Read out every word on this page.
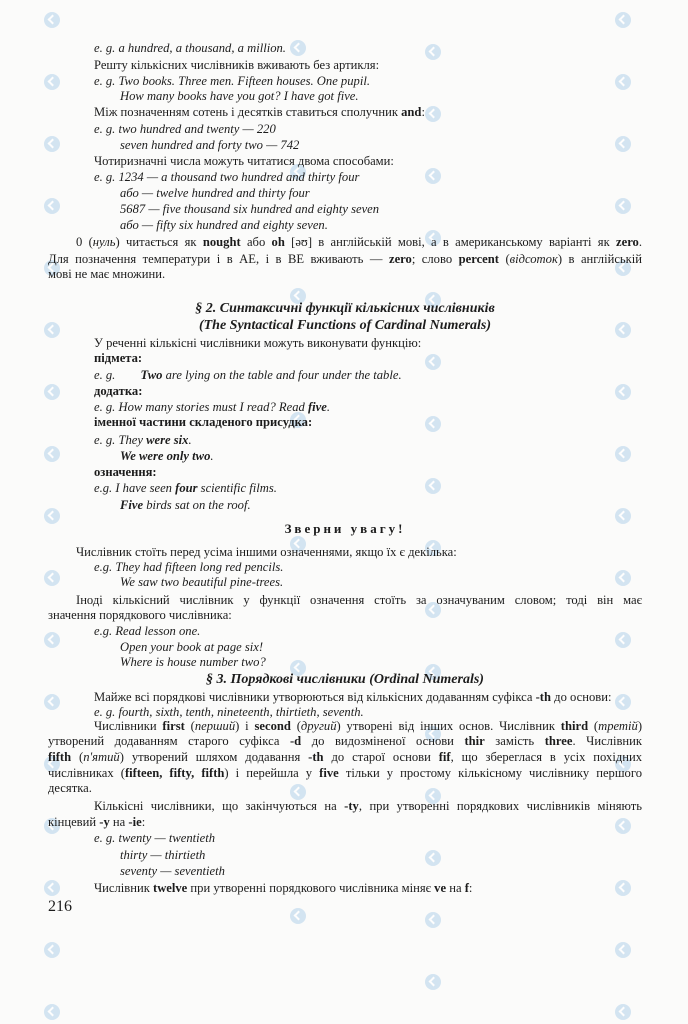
e. g. a hundred, a thousand, a million.
Решту кількісних числівників вживають без артикля:
e. g. Two books. Three men. Fifteen houses. One pupil.
How many books have you got? I have got five.
Між позначенням сотень і десятків ставиться сполучник and:
e. g. two hundred and twenty — 220
seven hundred and forty two — 742
Чотиризначні числа можуть читатися двома способами:
e. g. 1234 — a thousand two hundred and thirty four
або — twelve hundred and thirty four
5687 — five thousand six hundred and eighty seven
або — fifty six hundred and eighty seven.
0 (нуль) читається як nought або oh [əʊ] в англійській мові, а в американському варіанті як zero.
Для позначення температури і в АЕ, і в ВЕ вживають — zero; слово percent (відсоток) в англійській
мові не має множини.
§ 2. Синтаксичні функції кількісних числівників
(The Syntactical Functions of Cardinal Numerals)
У реченні кількісні числівники можуть виконувати функцію:
підмета:
e. g.        Two are lying on the table and four under the table.
додатка:
e. g. How many stories must I read? Read five.
іменної частини складеного присудка:
e. g. They were six.
We were only two.
означення:
e.g. I have seen four scientific films.
Five birds sat on the roof.
Зверни увагу!
Числівник стоїть перед усіма іншими означеннями, якщо їх є декілька:
e.g. They had fifteen long red pencils.
We saw two beautiful pine-trees.
Іноді кількісний числівник у функції означення стоїть за означуваним словом; тоді він має
значення порядкового числівника:
e.g. Read lesson one.
Open your book at page six!
Where is house number two?
§ 3. Порядкові числівники (Ordinal Numerals)
Майже всі порядкові числівники утворюються від кількісних додаванням суфікса -th до основи:
e. g. fourth, sixth, tenth, nineteenth, thirtieth, seventh.
Числівники first (перший) і second (другий) утворені від інших основ. Числівник third (третій)
утворений додаванням старого суфікса -d до видозміненої основи thir замість three. Числівник
fifth (п'ятий) утворений шляхом додавання -th до старої основи fif, що збереглася в усіх похідних
числівниках (fifteen, fifty, fifth) і перейшла у five тільки у простому кількісному числівнику першого
десятка.
Кількісні числівники, що закінчуються на -ty, при утворенні порядкових числівників міняють
кінцевий -y на -ie:
e. g. twenty — twentieth
thirty — thirtieth
seventy — seventieth
Числівник twelve при утворенні порядкового числівника міняє ve на f:
216
